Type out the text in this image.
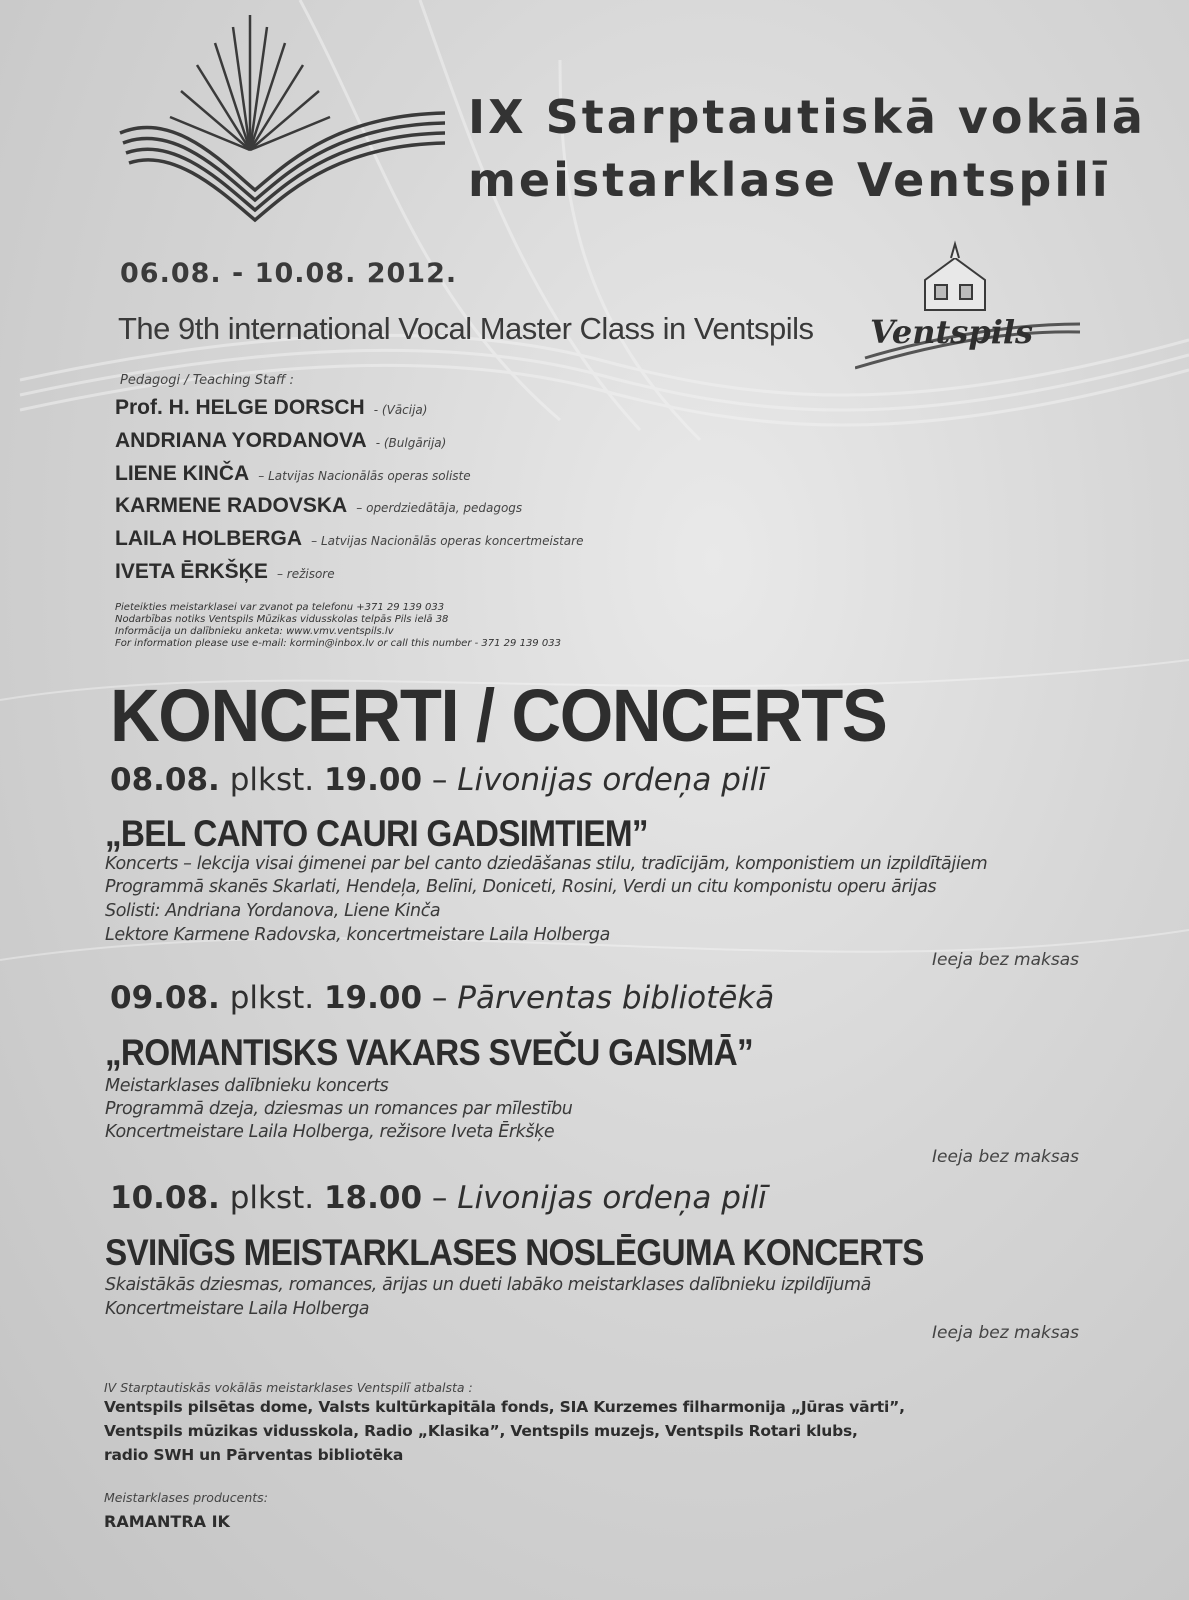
IX Starptautiskā vokālā
meistarklase Ventspilī
06.08. - 10.08. 2012.
The 9th international Vocal Master Class in Ventspils Ventspils
Pedagogi / Teaching Staff :
Prof. H. HELGE DORSCH - (Vācija)
ANDRIANA YORDANOVA - (Bulgārija)
LIENE KINČA – Latvijas Nacionālās operas soliste
KARMENE RADOVSKA – operdziedātāja, pedagogs
LAILA HOLBERGA – Latvijas Nacionālās operas koncertmeistare
IVETA ĒRKŠĶE – režisore
Pieteikties meistarklasei var zvanot pa telefonu +371 29 139 033
Nodarbības notiks Ventspils Mūzikas vidusskolas telpās Pils ielā 38
Informācija un dalībnieku anketa: www.vmv.ventspils.lv
For information please use e-mail: kormin@inbox.lv or call this number - 371 29 139 033
KONCERTI / CONCERTS
08.08. plkst. 19.00 – Livonijas ordeņa pilī
„BEL CANTO CAURI GADSIMTIEM”
Koncerts – lekcija visai ģimenei par bel canto dziedāšanas stilu, tradīcijām, komponistiem un izpildītājiem
Programmā skanēs Skarlati, Hendeļa, Belīni, Doniceti, Rosini, Verdi un citu komponistu operu ārijas
Solisti: Andriana Yordanova, Liene Kinča
Lektore Karmene Radovska, koncertmeistare Laila Holberga
Ieeja bez maksas
09.08. plkst. 19.00 – Pārventas bibliotēkā
„ROMANTISKS VAKARS SVEČU GAISMĀ”
Meistarklases dalībnieku koncerts
Programmā dzeja, dziesmas un romances par mīlestību
Koncertmeistare Laila Holberga, režisore Iveta Ērkšķe
Ieeja bez maksas
10.08. plkst. 18.00 – Livonijas ordeņa pilī
SVINĪGS MEISTARKLASES NOSLĒGUMA KONCERTS
Skaistākās dziesmas, romances, ārijas un dueti labāko meistarklases dalībnieku izpildījumā
Koncertmeistare Laila Holberga
Ieeja bez maksas
IV Starptautiskās vokālās meistarklases Ventspilī atbalsta :
Ventspils pilsētas dome, Valsts kultūrkapitāla fonds, SIA Kurzemes filharmonija „Jūras vārti”,
Ventspils mūzikas vidusskola, Radio „Klasika”, Ventspils muzejs, Ventspils Rotari klubs,
radio SWH un Pārventas bibliotēka
Meistarklases producents:
RAMANTRA IK
